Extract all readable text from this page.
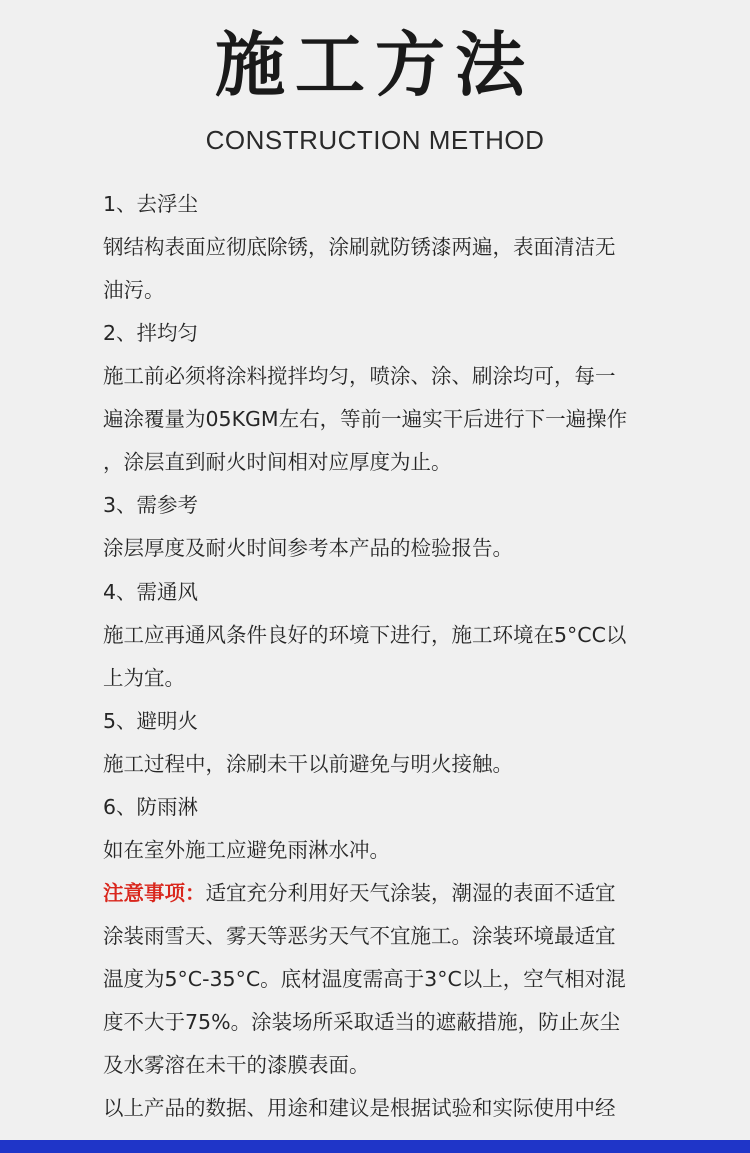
施工方法
CONSTRUCTION METHOD
1、去浮尘
钢结构表面应彻底除锈，涂刷就防锈漆两遍，表面清洁无
油污。
2、拌均匀
施工前必须将涂料搅拌均匀，喷涂、涂、刷涂均可，每一
遍涂覆量为05KGM左右，等前一遍实干后进行下一遍操作
，涂层直到耐火时间相对应厚度为止。
3、需参考
涂层厚度及耐火时间参考本产品的检验报告。
4、需通风
施工应再通风条件良好的环境下进行，施工环境在5°CC以
上为宜。
5、避明火
施工过程中，涂刷未干以前避免与明火接触。
6、防雨淋
如在室外施工应避免雨淋水冲。
注意事项：适宜充分利用好天气涂装，潮湿的表面不适宜
涂装雨雪天、雾天等恶劣天气不宜施工。涂装环境最适宜
温度为5°C-35°C。底材温度需高于3°C以上，空气相对混
度不大于75%。涂装场所采取适当的遮蔽措施，防止灰尘
及水雾溶在未干的漆膜表面。
以上产品的数据、用途和建议是根据试验和实际使用中经
